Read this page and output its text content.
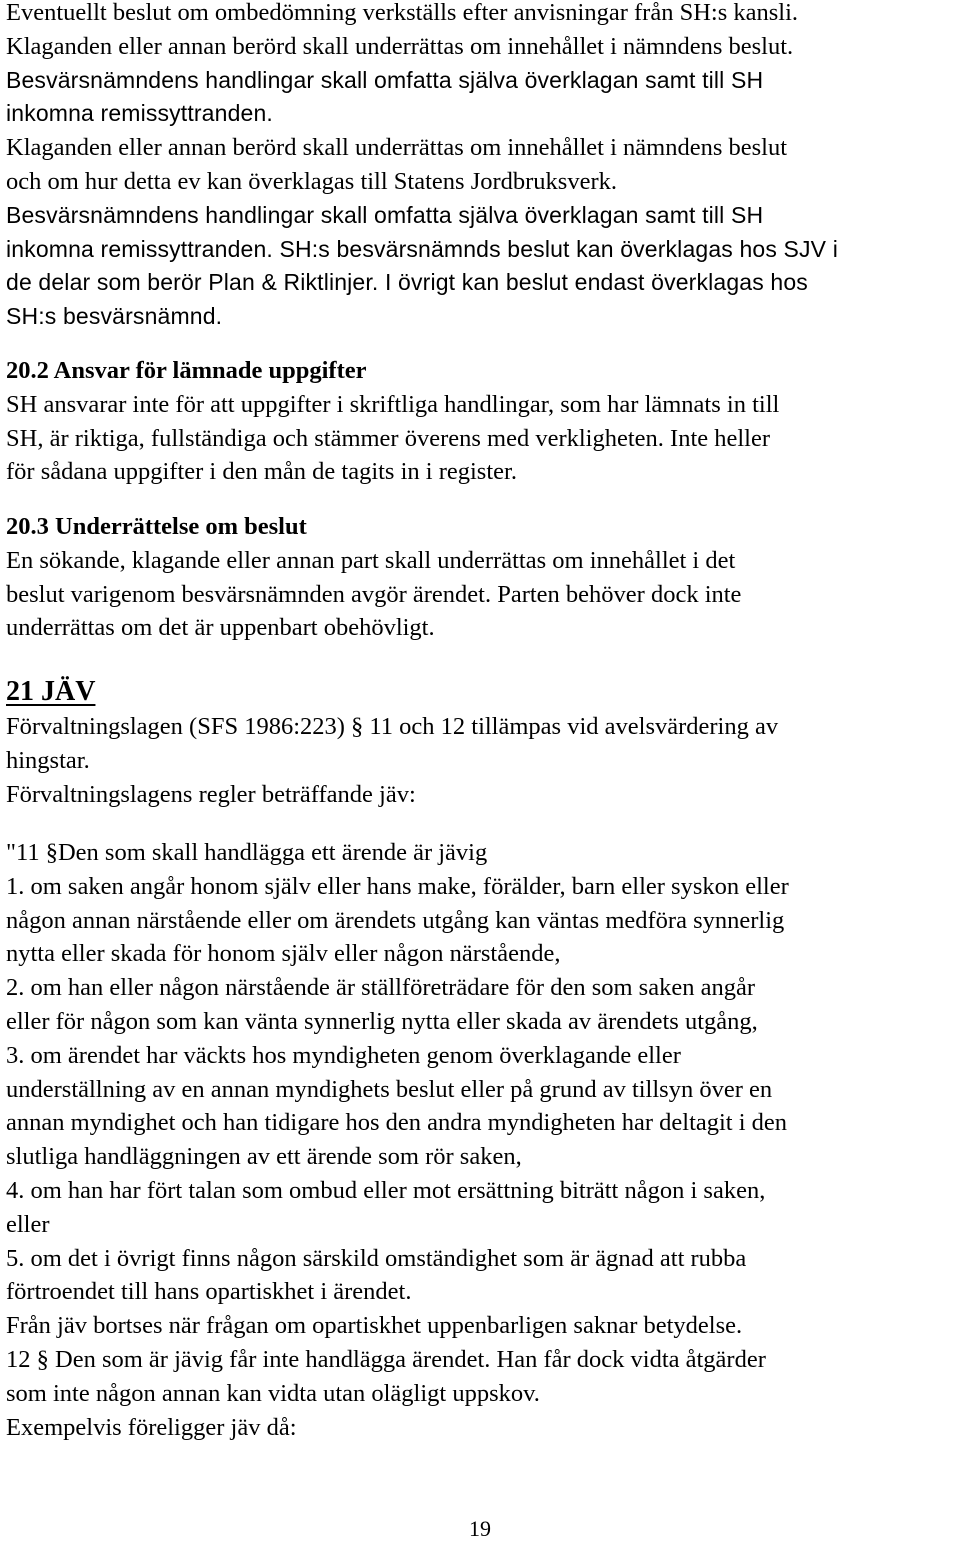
Eventuellt beslut om ombedömning verkställs efter anvisningar från SH:s kansli.
Klaganden eller annan berörd skall underrättas om innehållet i nämndens beslut.
Besvärsnämndens handlingar skall omfatta själva överklagan samt till SH
inkomna remissyttranden.
Klaganden eller annan berörd skall underrättas om innehållet i nämndens beslut
och om hur detta ev kan överklagas till Statens Jordbruksverk.
Besvärsnämndens handlingar skall omfatta själva överklagan samt till SH
inkomna remissyttranden. SH:s besvärsnämnds beslut kan överklagas hos SJV i
de delar som berör Plan & Riktlinjer. I övrigt kan beslut endast överklagas hos
SH:s besvärsnämnd.
20.2 Ansvar för lämnade uppgifter
SH ansvarar inte för att uppgifter i skriftliga handlingar, som har lämnats in till
SH, är riktiga, fullständiga och stämmer överens med verkligheten. Inte heller
för sådana uppgifter i den mån de tagits in i register.
20.3 Underrättelse om beslut
En sökande, klagande eller annan part skall underrättas om innehållet i det
beslut varigenom besvärsnämnden avgör ärendet. Parten behöver dock inte
underrättas om det är uppenbart obehövligt.
21 JÄV
Förvaltningslagen (SFS 1986:223) § 11 och 12 tillämpas vid avelsvärdering av
hingstar.
Förvaltningslagens regler beträffande jäv:
"11 §Den som skall handlägga ett ärende är jävig
1. om saken angår honom själv eller hans make, förälder, barn eller syskon eller
någon annan närstående eller om ärendets utgång kan väntas medföra synnerlig
nytta eller skada för honom själv eller någon närstående,
2. om han eller någon närstående är ställföreträdare för den som saken angår
eller för någon som kan vänta synnerlig nytta eller skada av ärendets utgång,
3. om ärendet har väckts hos myndigheten genom överklagande eller
underställning av en annan myndighets beslut eller på grund av tillsyn över en
annan myndighet och han tidigare hos den andra myndigheten har deltagit i den
slutliga handläggningen av ett ärende som rör saken,
4. om han har fört talan som ombud eller mot ersättning biträtt någon i saken,
eller
5. om det i övrigt finns någon särskild omständighet som är ägnad att rubba
förtroendet till hans opartiskhet i ärendet.
Från jäv bortses när frågan om opartiskhet uppenbarligen saknar betydelse.
12 § Den som är jävig får inte handlägga ärendet. Han får dock vidta åtgärder
som inte någon annan kan vidta utan olägligt uppskov.
Exempelvis föreligger jäv då:
19
